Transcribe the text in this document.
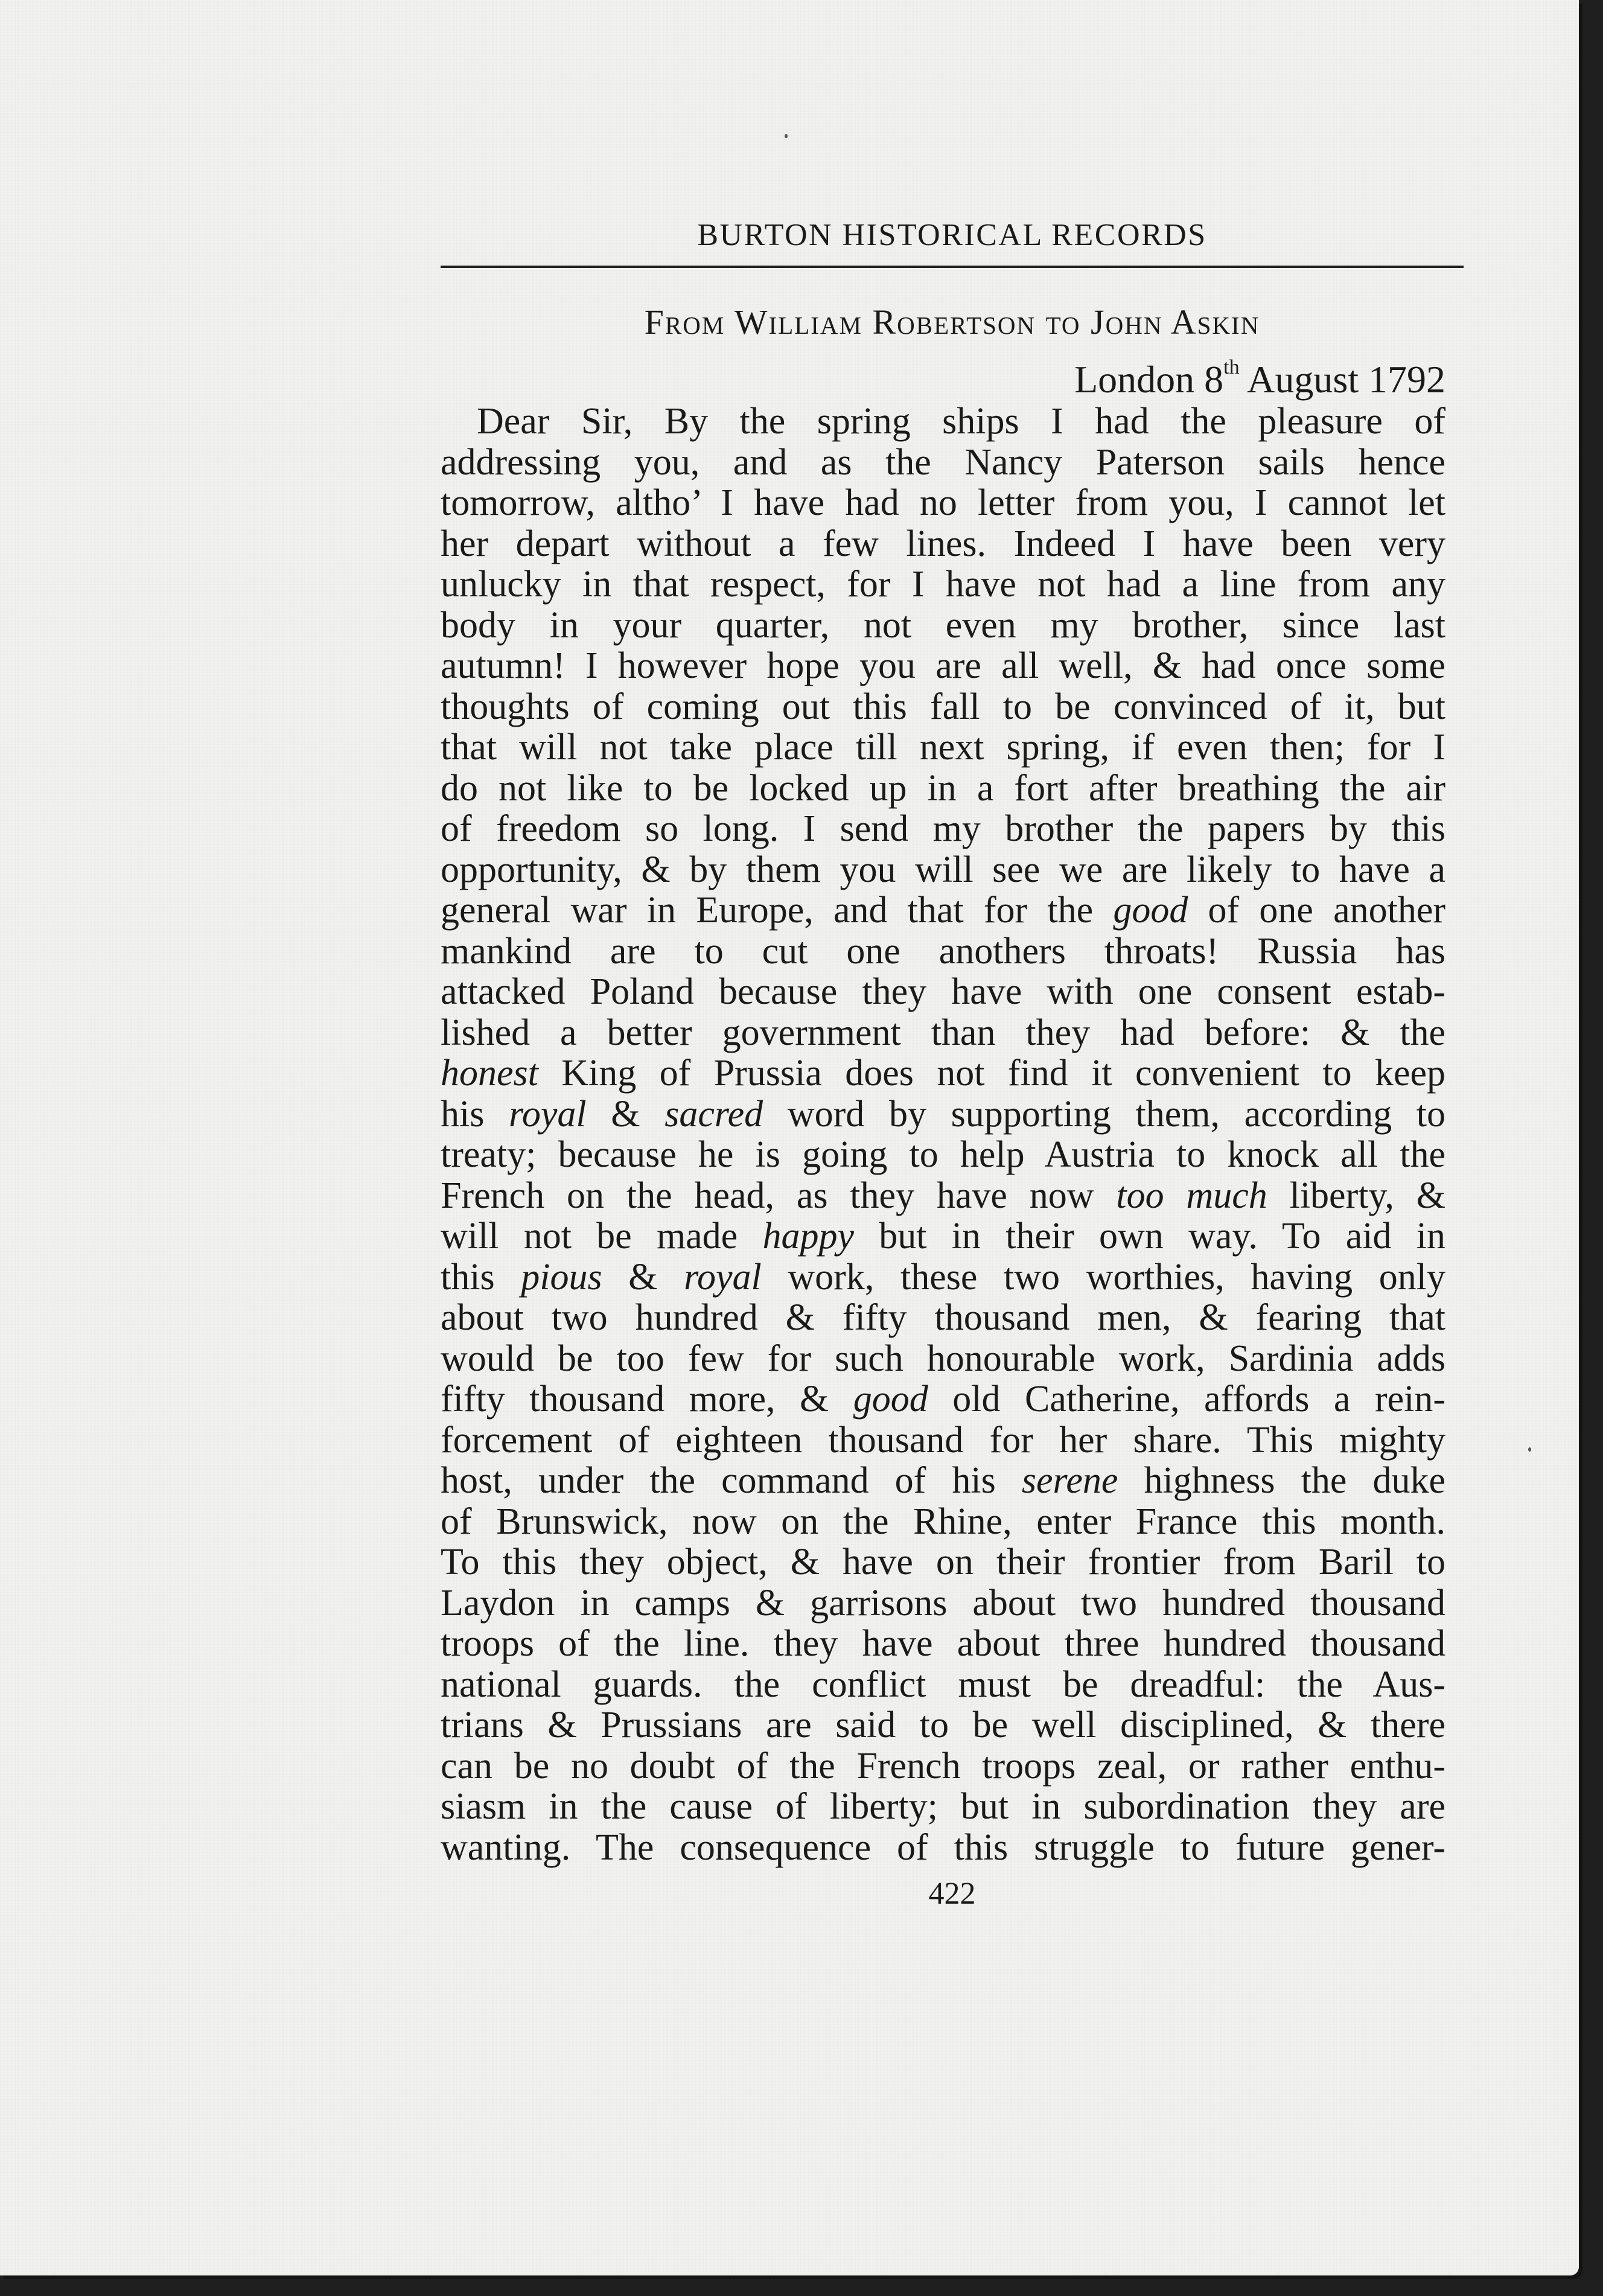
BURTON HISTORICAL RECORDS
From William Robertson to John Askin
London 8th August 1792
Dear Sir, By the spring ships I had the pleasure of
addressing you, and as the Nancy Paterson sails hence
tomorrow, altho’ I have had no letter from you, I cannot let
her depart without a few lines. Indeed I have been very
unlucky in that respect, for I have not had a line from any
body in your quarter, not even my brother, since last
autumn! I however hope you are all well, & had once some
thoughts of coming out this fall to be convinced of it, but
that will not take place till next spring, if even then; for I
do not like to be locked up in a fort after breathing the air
of freedom so long. I send my brother the papers by this
opportunity, & by them you will see we are likely to have a
general war in Europe, and that for the good of one another
mankind are to cut one anothers throats! Russia has
attacked Poland because they have with one consent estab-
lished a better government than they had before: & the
honest King of Prussia does not find it convenient to keep
his royal & sacred word by supporting them, according to
treaty; because he is going to help Austria to knock all the
French on the head, as they have now too much liberty, &
will not be made happy but in their own way. To aid in
this pious & royal work, these two worthies, having only
about two hundred & fifty thousand men, & fearing that
would be too few for such honourable work, Sardinia adds
fifty thousand more, & good old Catherine, affords a rein-
forcement of eighteen thousand for her share. This mighty
host, under the command of his serene highness the duke
of Brunswick, now on the Rhine, enter France this month.
To this they object, & have on their frontier from Baril to
Laydon in camps & garrisons about two hundred thousand
troops of the line. they have about three hundred thousand
national guards. the conflict must be dreadful: the Aus-
trians & Prussians are said to be well disciplined, & there
can be no doubt of the French troops zeal, or rather enthu-
siasm in the cause of liberty; but in subordination they are
wanting. The consequence of this struggle to future gener-
422
